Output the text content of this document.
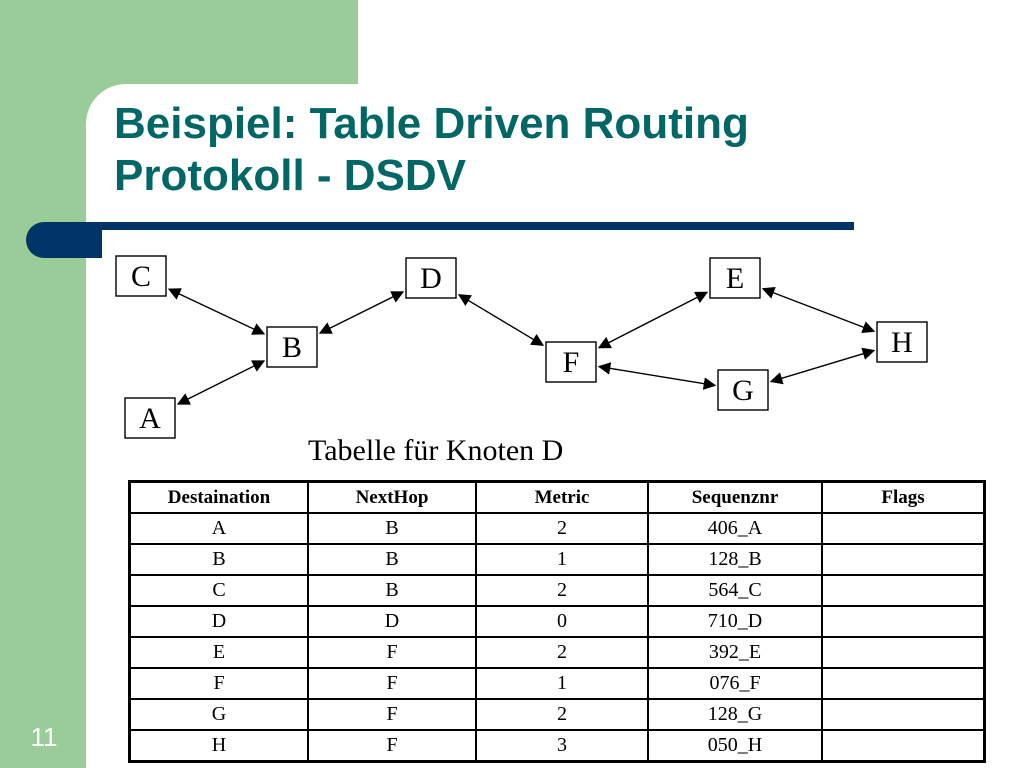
Beispiel: Table Driven Routing Protokoll - DSDV
11
C	D	E
B	F
H
A
G
Tabelle für Knoten D
Destaination	NextHop	Metric	Sequenznr	Flags
A	B	2	406_A	
B	B	1	128_B	
C	B	2	564_C	
D	D	0	710_D	
E	F	2	392_E	
F	F	1	076_F	
G	F	2	128_G	
H	F	3	050_H	
